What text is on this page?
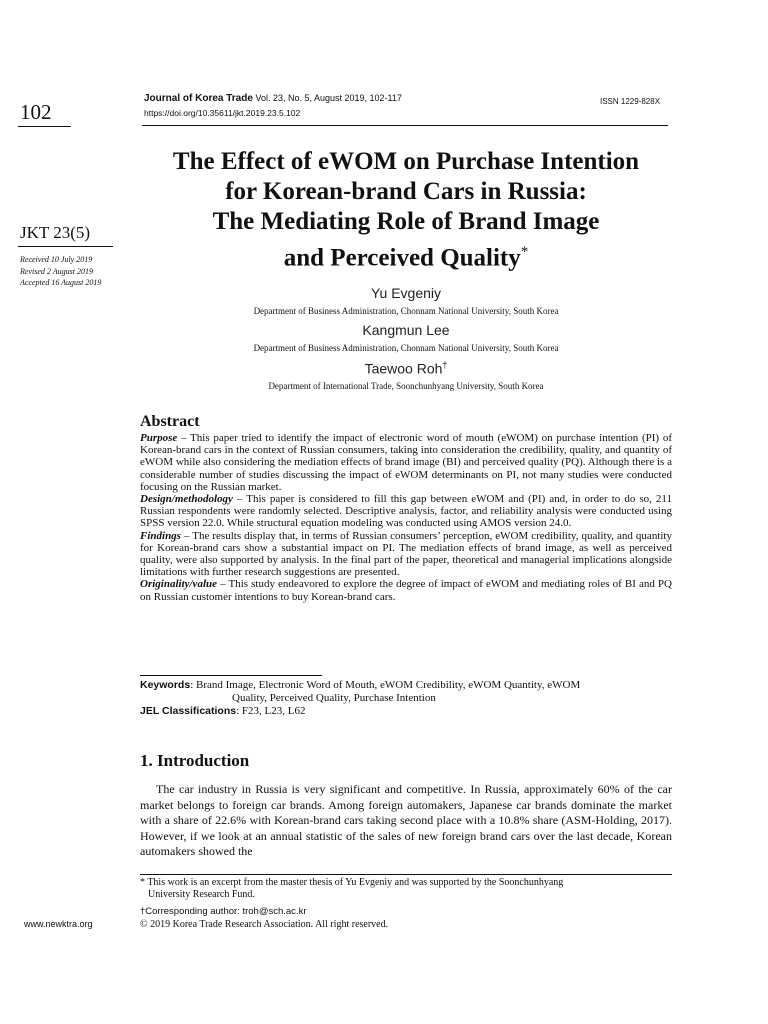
102
JKT 23(5)
Received 10 July 2019
Revised 2 August 2019
Accepted 16 August 2019
www.newktra.org
Journal of Korea Trade Vol. 23, No. 5, August 2019, 102-117
https://doi.org/10.35611/jkt.2019.23.5.102
ISSN 1229-828X
The Effect of eWOM on Purchase Intention
for Korean-brand Cars in Russia:
The Mediating Role of Brand Image
and Perceived Quality*
Yu Evgeniy
Department of Business Administration, Chonnam National University, South Korea
Kangmun Lee
Department of Business Administration, Chonnam National University, South Korea
Taewoo Roh†
Department of International Trade, Soonchunhyang University, South Korea
Abstract

Purpose – This paper tried to identify the impact of electronic word of mouth (eWOM) on purchase intention (PI) of Korean-brand cars in the context of Russian consumers, taking into consideration the credibility, quality, and quantity of eWOM while also considering the mediation effects of brand image (BI) and perceived quality (PQ). Although there is a considerable number of studies discussing the impact of eWOM determinants on PI, not many studies were conducted focusing on the Russian market.

Design/methodology – This paper is considered to fill this gap between eWOM and (PI) and, in order to do so, 211 Russian respondents were randomly selected. Descriptive analysis, factor, and reliability analysis were conducted using SPSS version 22.0. While structural equation modeling was conducted using AMOS version 24.0.

Findings – The results display that, in terms of Russian consumers’ perception, eWOM credibility, quality, and quantity for Korean-brand cars show a substantial impact on PI. The mediation effects of brand image, as well as perceived quality, were also supported by analysis. In the final part of the paper, theoretical and managerial implications alongside limitations with further research suggestions are presented.

Originality/value – This study endeavored to explore the degree of impact of eWOM and mediating roles of BI and PQ on Russian customer intentions to buy Korean-brand cars.

Keywords: Brand Image, Electronic Word of Mouth, eWOM Credibility, eWOM Quantity, eWOM
Quality, Perceived Quality, Purchase Intention
JEL Classifications: F23, L23, L62
1. Introduction
The car industry in Russia is very significant and competitive. In Russia, approximately 60% of the car market belongs to foreign car brands. Among foreign automakers, Japanese car brands dominate the market with a share of 22.6% with Korean-brand cars taking second place with a 10.8% share (ASM-Holding, 2017). However, if we look at an annual statistic of the sales of new foreign brand cars over the last decade, Korean automakers showed the
* This work is an excerpt from the master thesis of Yu Evgeniy and was supported by the Soonchunhyang
University Research Fund.
†Corresponding author: troh@sch.ac.kr
© 2019 Korea Trade Research Association. All right reserved.
